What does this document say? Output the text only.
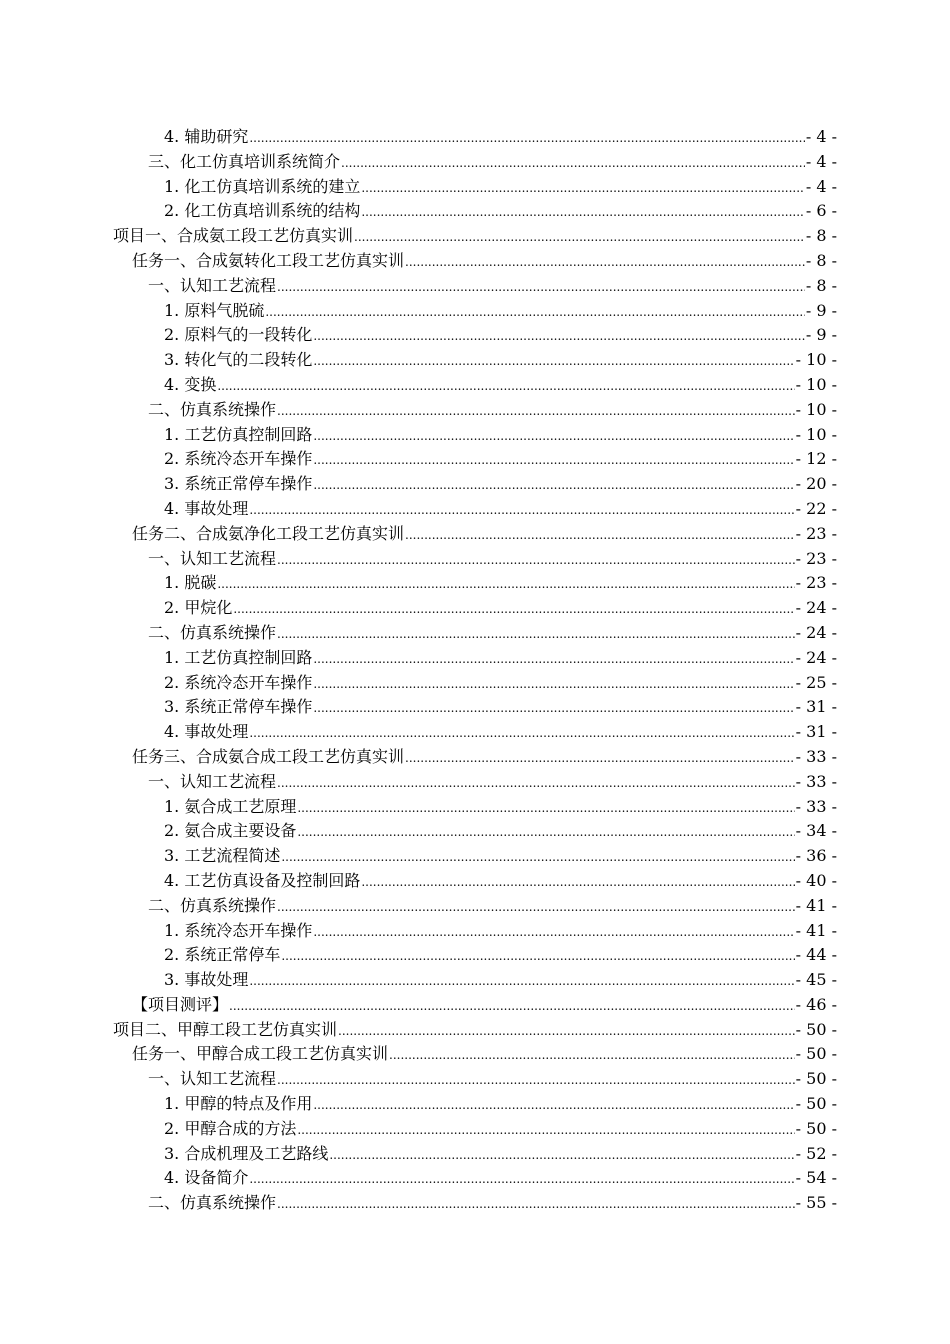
4. 辅助研究 .....	- 4 -
三、化工仿真培训系统简介 .....	- 4 -
1. 化工仿真培训系统的建立 .....	- 4 -
2. 化工仿真培训系统的结构 .....	- 6 -
项目一、合成氨工段工艺仿真实训 .....	- 8 -
任务一、合成氨转化工段工艺仿真实训 .....	- 8 -
一、认知工艺流程 .....	- 8 -
1. 原料气脱硫 .....	- 9 -
2. 原料气的一段转化 .....	- 9 -
3. 转化气的二段转化 .....	- 10 -
4. 变换 .....	- 10 -
二、仿真系统操作 .....	- 10 -
1. 工艺仿真控制回路 .....	- 10 -
2. 系统冷态开车操作 .....	- 12 -
3. 系统正常停车操作 .....	- 20 -
4. 事故处理 .....	- 22 -
任务二、合成氨净化工段工艺仿真实训 .....	- 23 -
一、认知工艺流程 .....	- 23 -
1. 脱碳 .....	- 23 -
2. 甲烷化 .....	- 24 -
二、仿真系统操作 .....	- 24 -
1. 工艺仿真控制回路 .....	- 24 -
2. 系统冷态开车操作 .....	- 25 -
3. 系统正常停车操作 .....	- 31 -
4. 事故处理 .....	- 31 -
任务三、合成氨合成工段工艺仿真实训 .....	- 33 -
一、认知工艺流程 .....	- 33 -
1. 氨合成工艺原理 .....	- 33 -
2. 氨合成主要设备 .....	- 34 -
3. 工艺流程简述 .....	- 36 -
4. 工艺仿真设备及控制回路 .....	- 40 -
二、仿真系统操作 .....	- 41 -
1. 系统冷态开车操作 .....	- 41 -
2. 系统正常停车 .....	- 44 -
3. 事故处理 .....	- 45 -
【项目测评】 .....	- 46 -
项目二、甲醇工段工艺仿真实训 .....	- 50 -
任务一、甲醇合成工段工艺仿真实训 .....	- 50 -
一、认知工艺流程 .....	- 50 -
1. 甲醇的特点及作用 .....	- 50 -
2. 甲醇合成的方法 .....	- 50 -
3. 合成机理及工艺路线 .....	- 52 -
4. 设备简介 .....	- 54 -
二、仿真系统操作 .....	- 55 -
